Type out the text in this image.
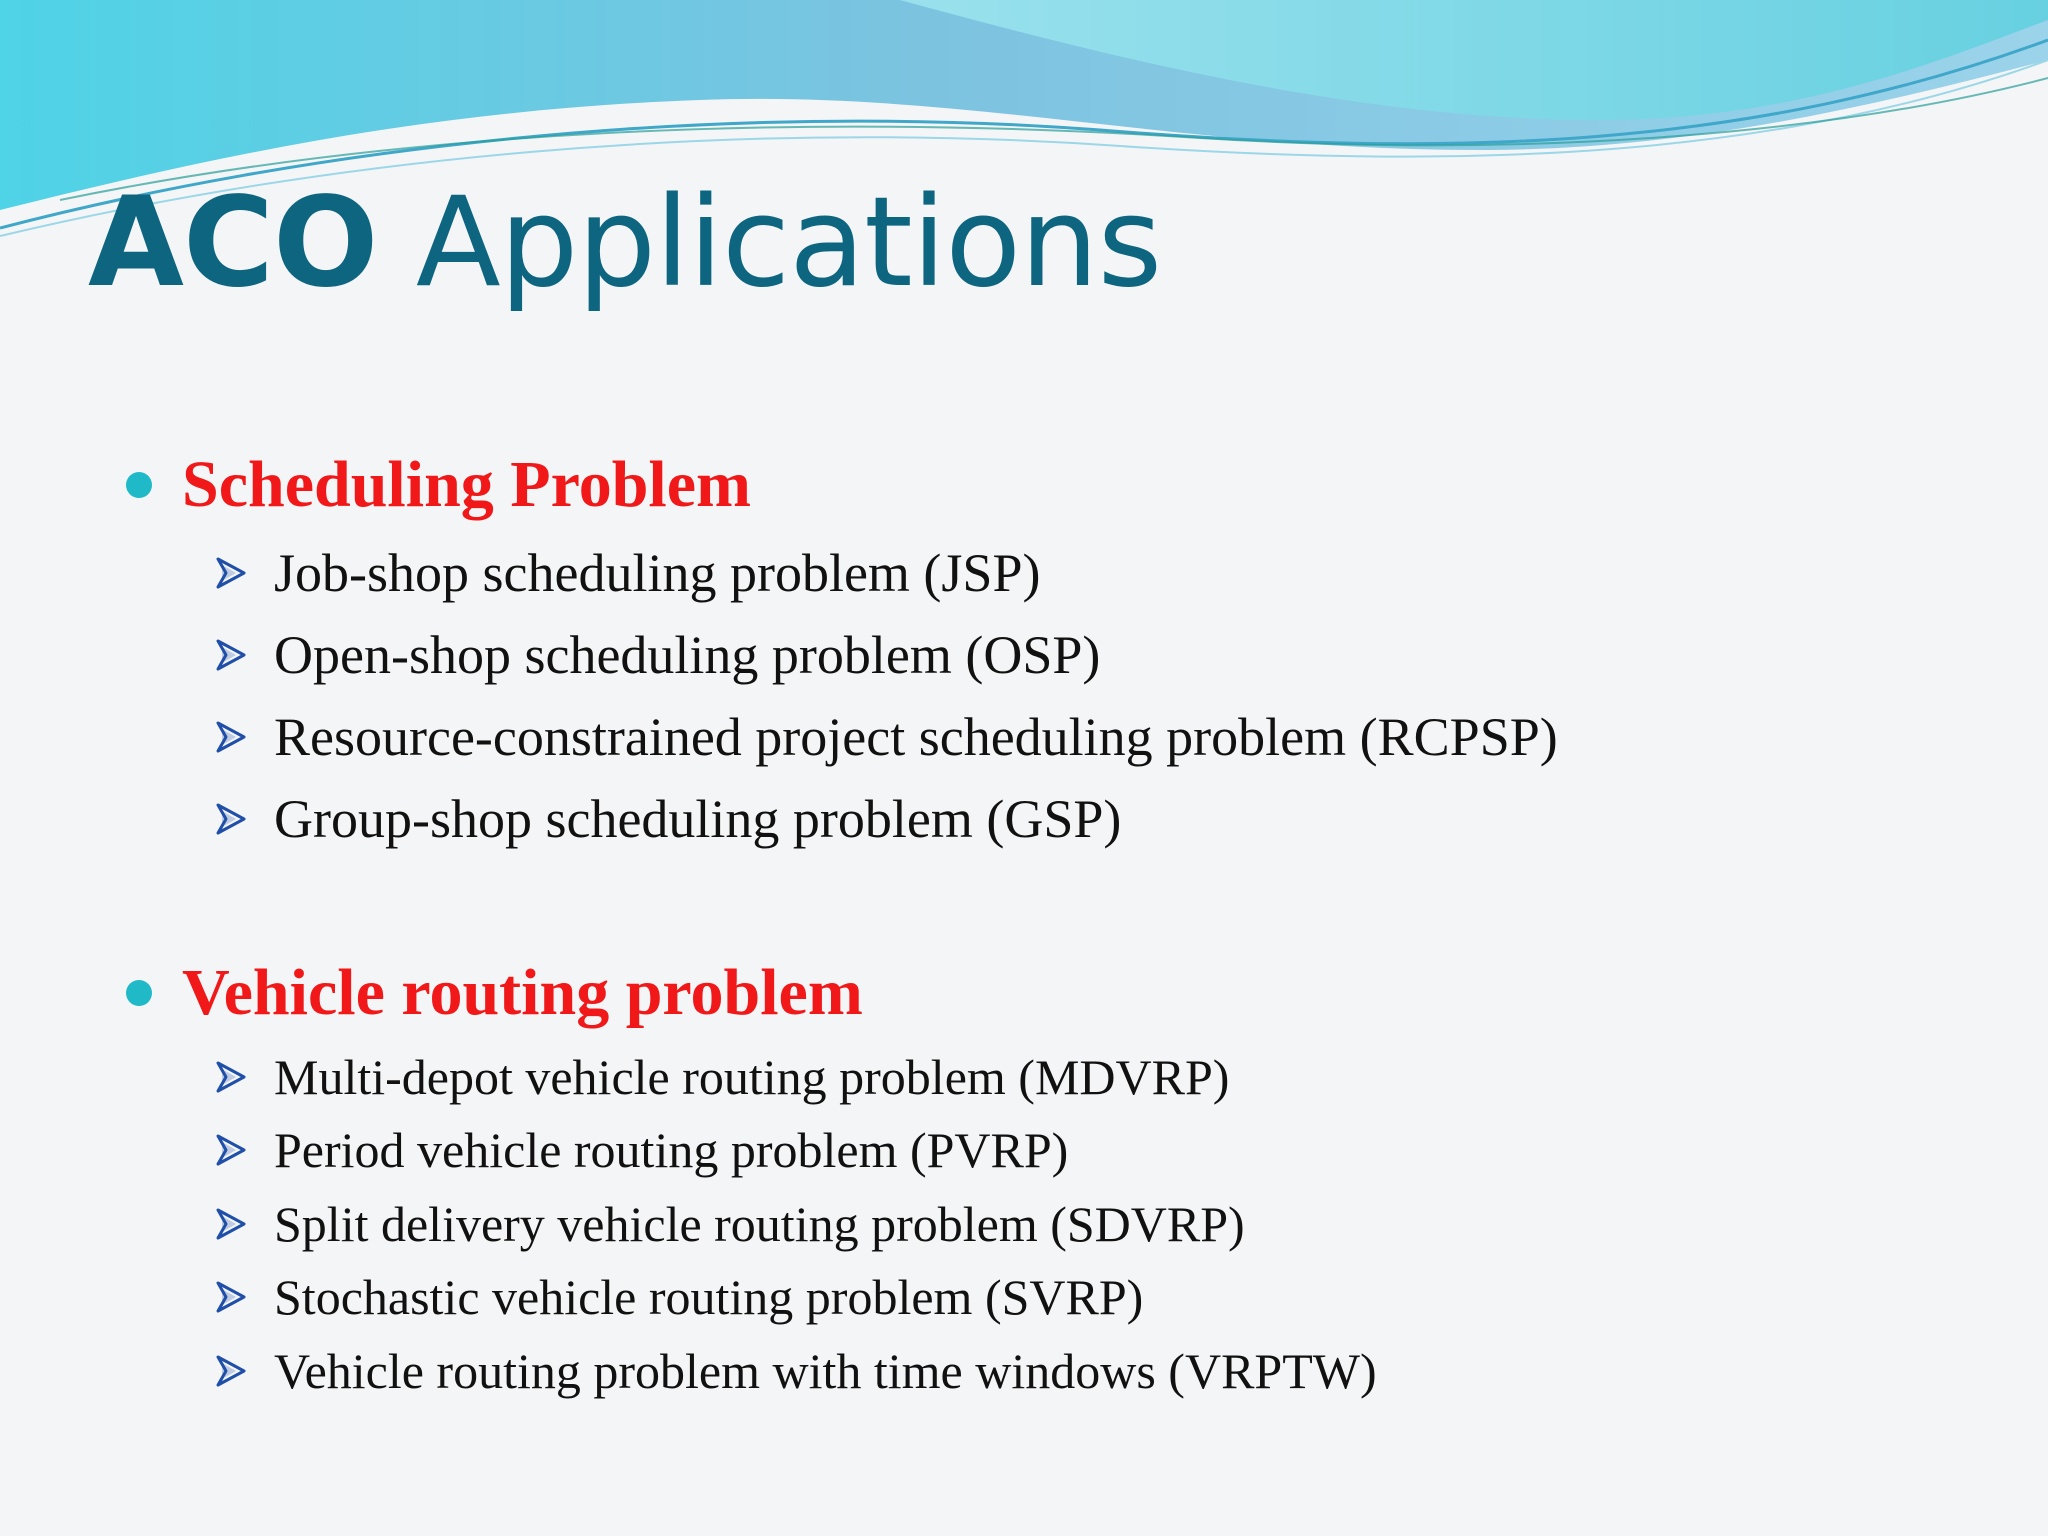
ACO Applications
Scheduling Problem
Job-shop scheduling problem (JSP)
Open-shop scheduling problem (OSP)
Resource-constrained project scheduling problem (RCPSP)
Group-shop scheduling problem (GSP)
Vehicle routing problem
Multi-depot vehicle routing problem (MDVRP)
Period vehicle routing problem (PVRP)
Split delivery vehicle routing problem (SDVRP)
Stochastic vehicle routing problem (SVRP)
Vehicle routing problem with time windows (VRPTW)
